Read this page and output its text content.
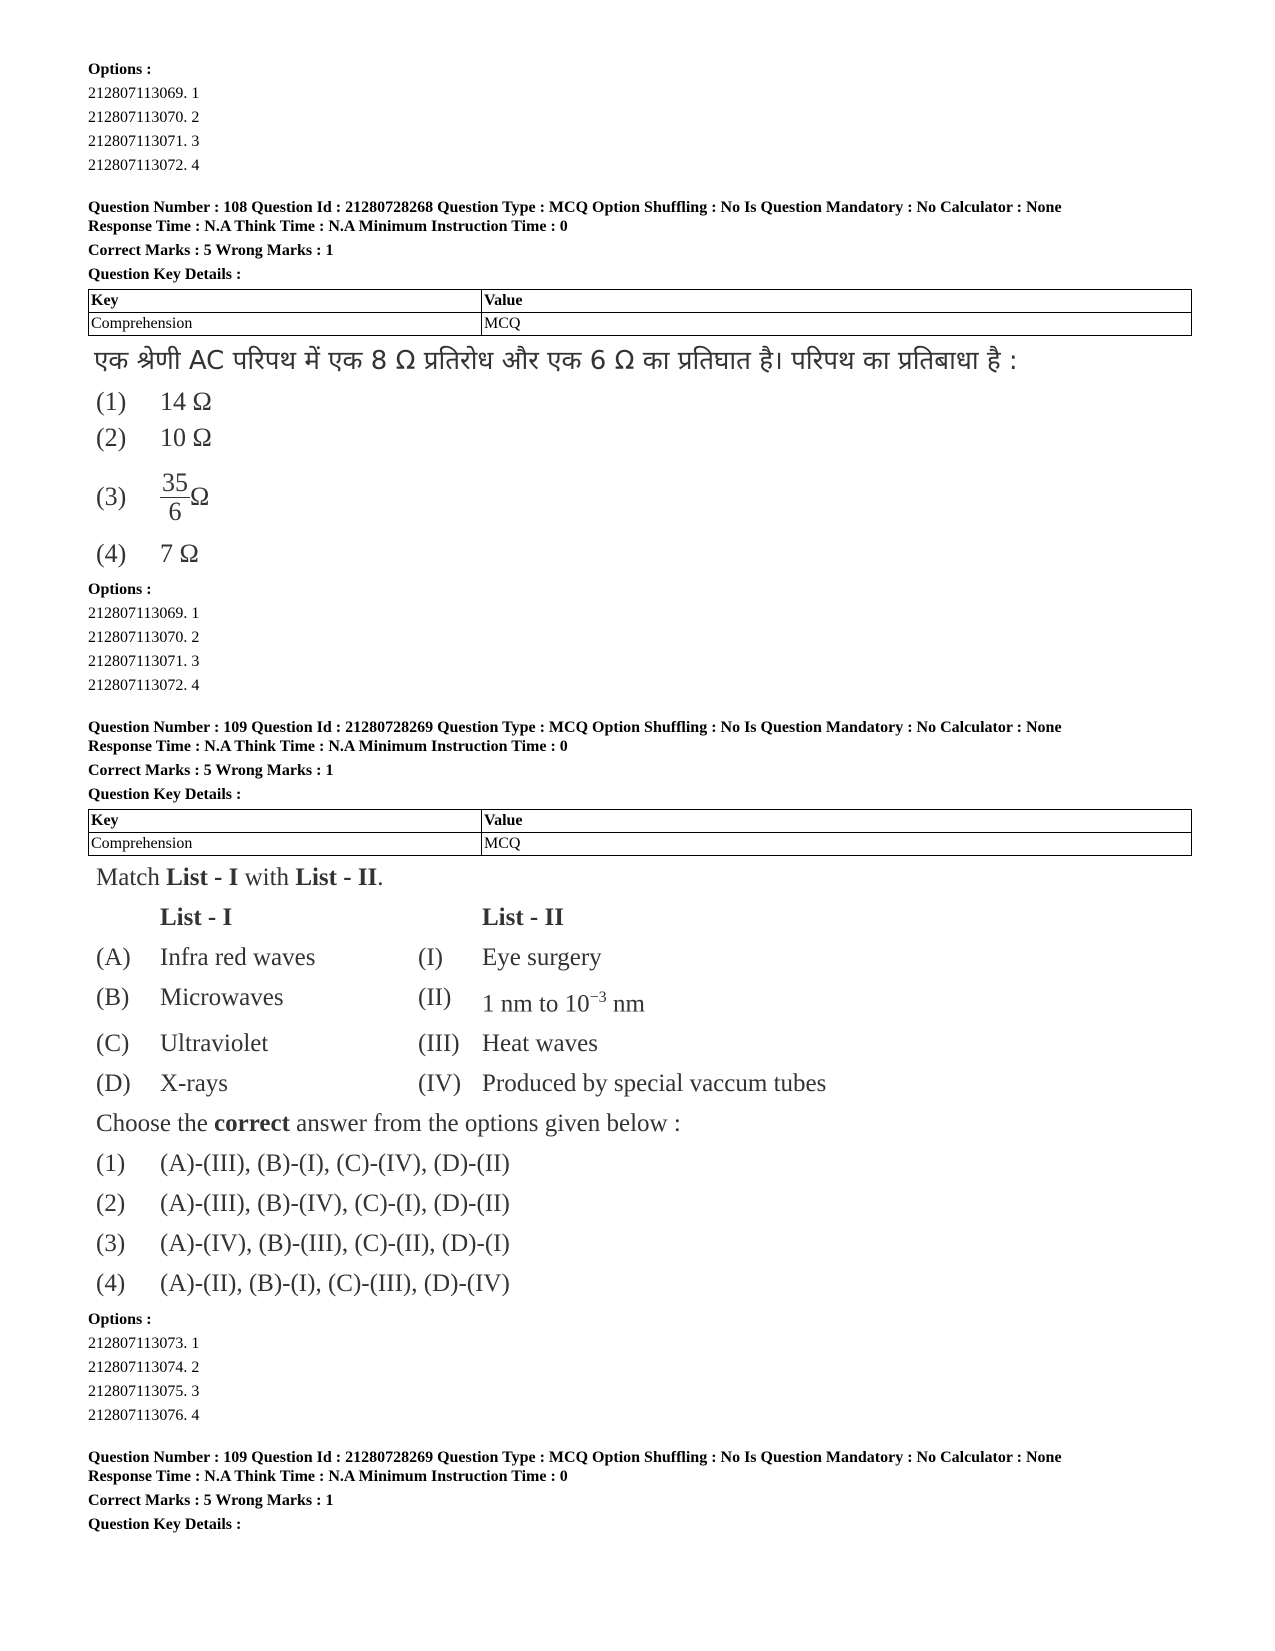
Options :
212807113069. 1
212807113070. 2
212807113071. 3
212807113072. 4
Question Number : 108 Question Id : 21280728268 Question Type : MCQ Option Shuffling : No Is Question Mandatory : No Calculator : None
Response Time : N.A Think Time : N.A Minimum Instruction Time : 0
Correct Marks : 5 Wrong Marks : 1
Question Key Details :
Key	Value
Comprehension	MCQ
एक श्रेणी AC परिपथ में एक 8 Ω प्रतिरोध और एक 6 Ω का प्रतिघात है। परिपथ का प्रतिबाधा है :
(1)	14 Ω
(2)	10 Ω
(3)	$\frac{35}{6}$ Ω
(4)	7 Ω
Options :
212807113069. 1
212807113070. 2
212807113071. 3
212807113072. 4
Question Number : 109 Question Id : 21280728269 Question Type : MCQ Option Shuffling : No Is Question Mandatory : No Calculator : None
Response Time : N.A Think Time : N.A Minimum Instruction Time : 0
Correct Marks : 5 Wrong Marks : 1
Question Key Details :
Key	Value
Comprehension	MCQ
Match List - I with List - II.
List - I	List - II
(A)	Infra red waves	(I)	Eye surgery
(B)	Microwaves	(II)	1 nm to $10^{-3}$ nm
(C)	Ultraviolet	(III) Heat waves
(D)	X-rays	(IV) Produced by special vaccum tubes
Choose the correct answer from the options given below :
(1)	(A)-(III), (B)-(I), (C)-(IV), (D)-(II)
(2)	(A)-(III), (B)-(IV), (C)-(I), (D)-(II)
(3)	(A)-(IV), (B)-(III), (C)-(II), (D)-(I)
(4)	(A)-(II), (B)-(I), (C)-(III), (D)-(IV)
Options :
212807113073. 1
212807113074. 2
212807113075. 3
212807113076. 4
Question Number : 109 Question Id : 21280728269 Question Type : MCQ Option Shuffling : No Is Question Mandatory : No Calculator : None
Response Time : N.A Think Time : N.A Minimum Instruction Time : 0
Correct Marks : 5 Wrong Marks : 1
Question Key Details :
